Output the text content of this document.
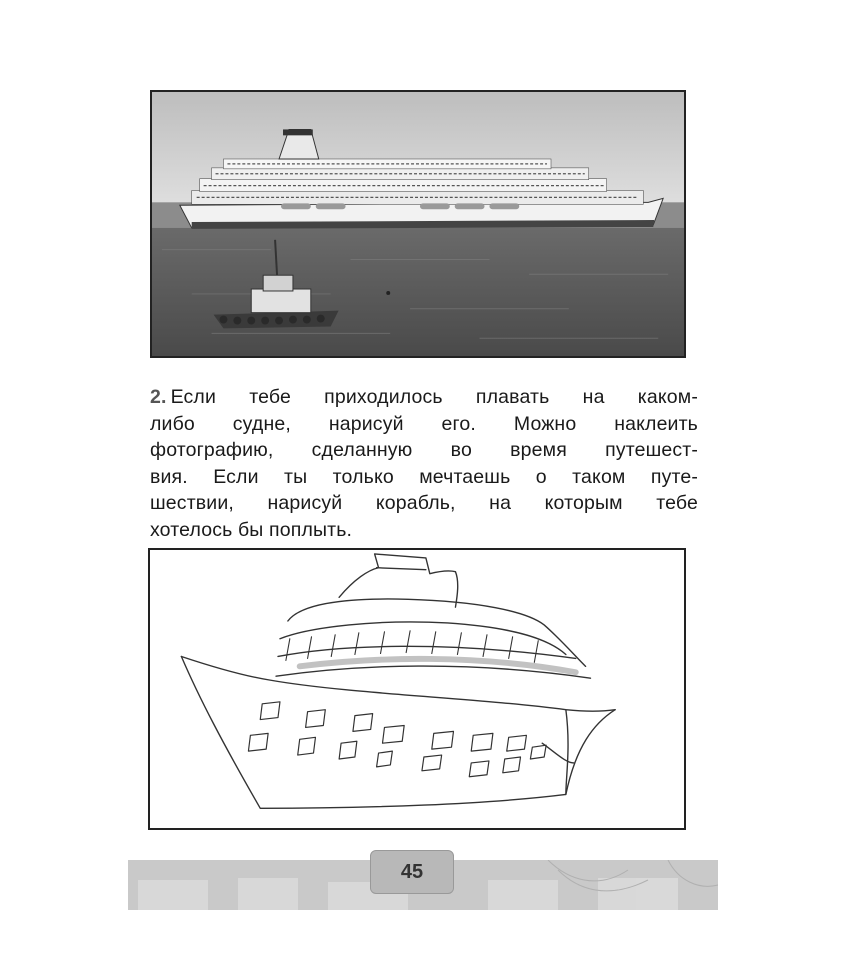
2. Если тебе приходилось плавать на каком-
либо судне, нарисуй его. Можно наклеить
фотографию, сделанную во время путешест-
вия. Если ты только мечтаешь о таком путе-
шествии, нарисуй корабль, на которым тебе
хотелось бы поплыть.
45
